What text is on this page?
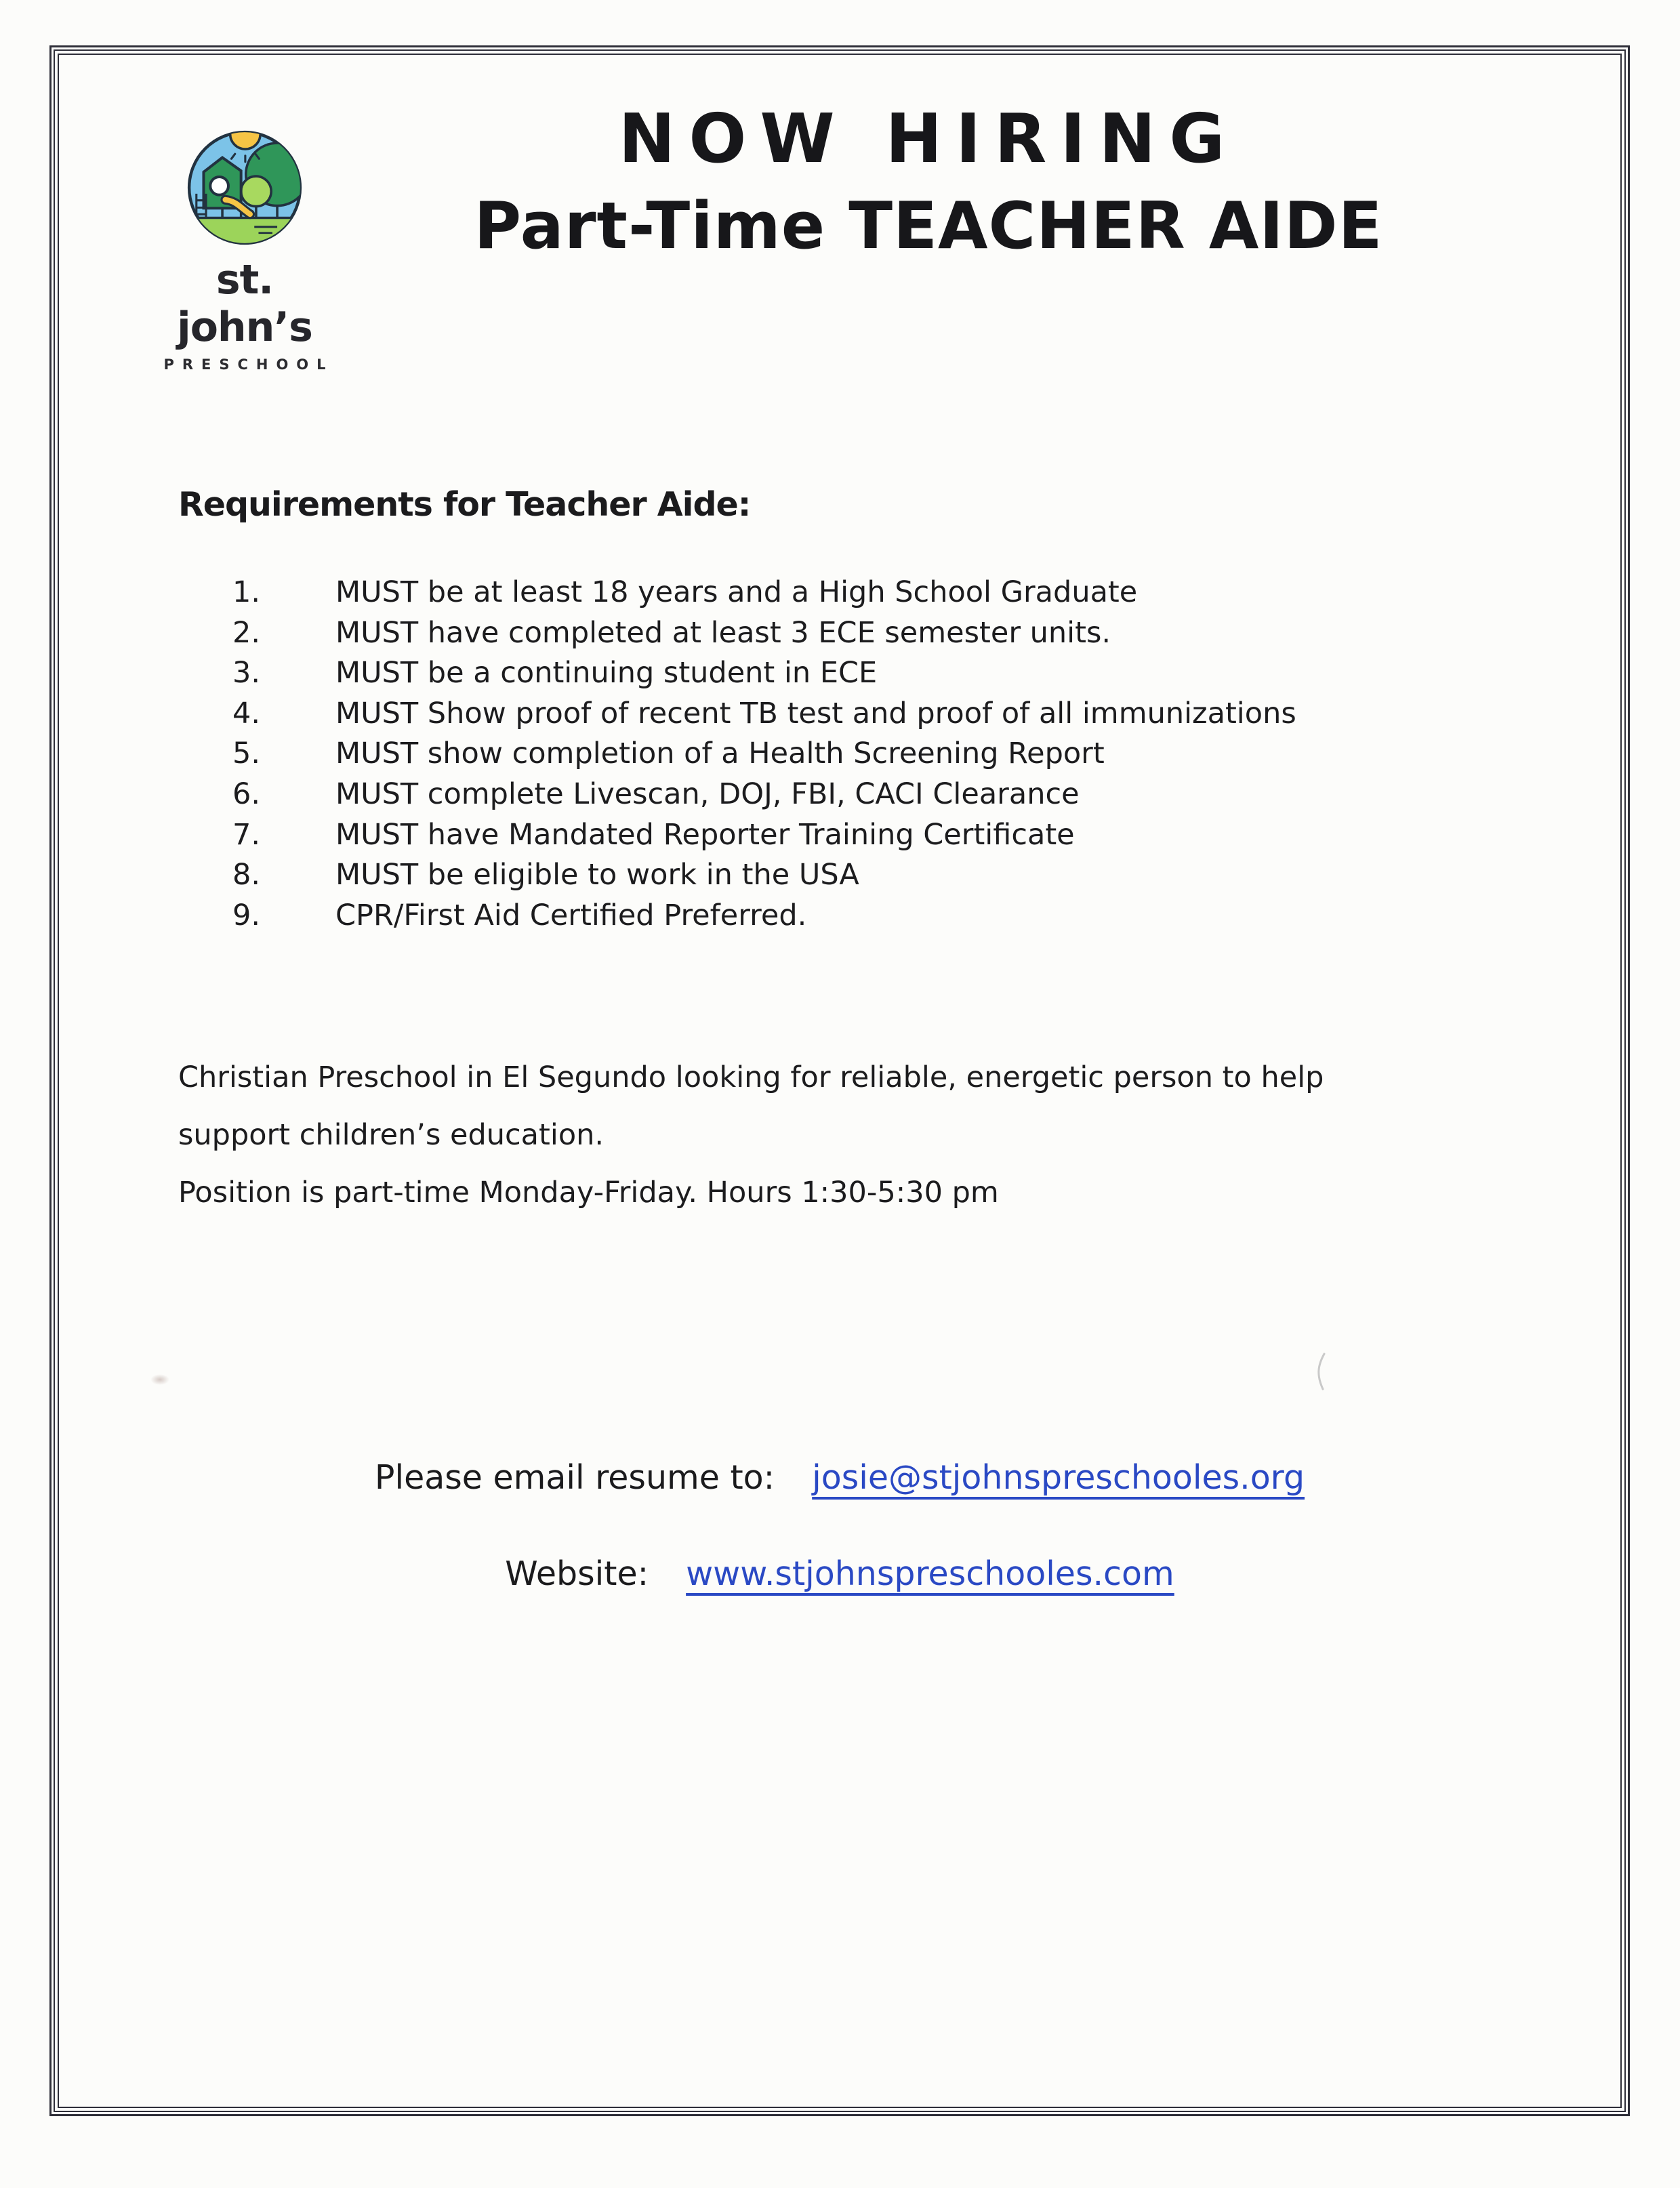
st. john’s
PRESCHOOL
NOW HIRING
Part-Time TEACHER AIDE
Requirements for Teacher Aide:
1.	MUST be at least 18 years and a High School Graduate
2.	MUST have completed at least 3 ECE semester units.
3.	MUST be a continuing student in ECE
4.	MUST Show proof of recent TB test and proof of all immunizations
5.	MUST show completion of a Health Screening Report
6.	MUST complete Livescan, DOJ, FBI, CACI Clearance
7.	MUST have Mandated Reporter Training Certificate
8.	MUST be eligible to work in the USA
9.	CPR/First Aid Certified Preferred.
Christian Preschool in El Segundo looking for reliable, energetic person to help
support children’s education.
Position is part-time Monday-Friday. Hours 1:30-5:30 pm
Please email resume to: josie@stjohnspreschooles.org
Website: www.stjohnspreschooles.com
